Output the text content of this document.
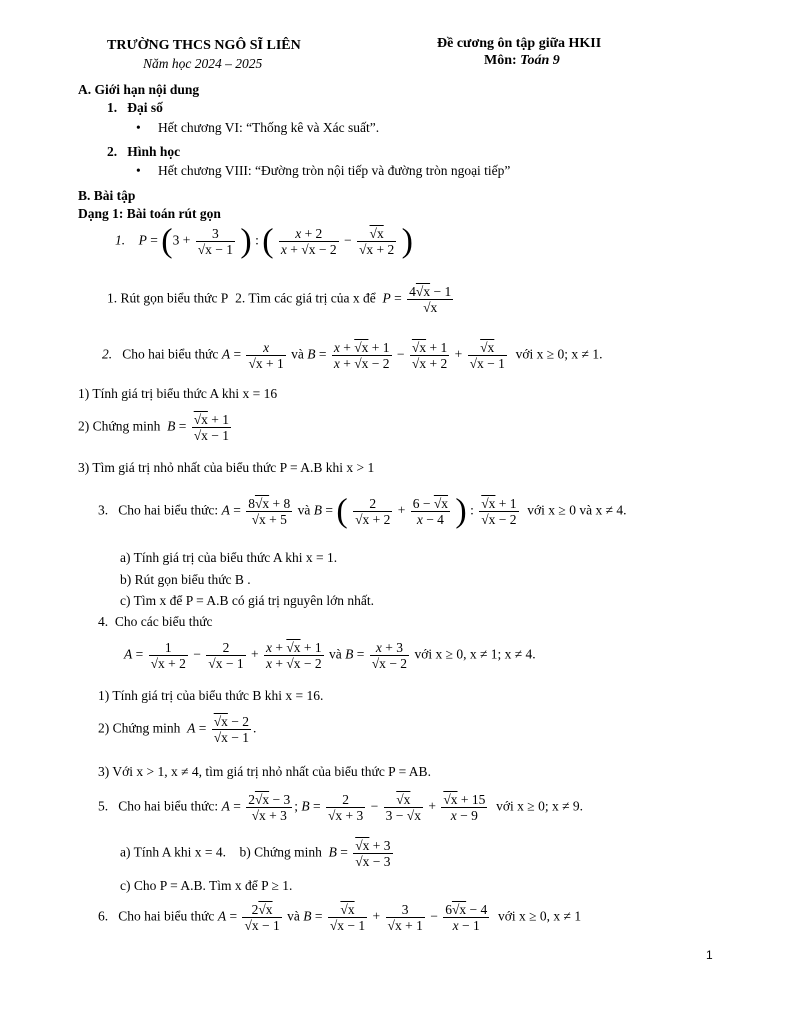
TRƯỜNG THCS NGÔ SĨ LIÊN
Năm học 2024 – 2025
Đề cương ôn tập giữa HKII
Môn: Toán 9
A. Giới hạn nội dung
1. Đại số
• Hết chương VI: “Thống kê và Xác suất”.
2. Hình học
• Hết chương VIII: “Đường tròn nội tiếp và đường tròn ngoại tiếp”
B. Bài tập
Dạng 1: Bài toán rút gọn
1. $P = (3 + \frac{3}{√x - 1}$ ) : ( $\frac{x + 2}{x + √x - 2} - \frac{√x}{√x + 2}$ )
1. Rút gọn biểu thức P 2. Tìm các giá trị của x để $P = \frac{4√x - 1}{√x}$
2. Cho hai biểu thức $A = \frac{x}{√x + 1}$ và $B = \frac{x + √x + 1}{x + √x - 2} - \frac{√x + 1}{√x + 2} + \frac{√x}{√x - 1}$ với x ≥ 0; x ≠ 1.
1) Tính giá trị biểu thức A khi x = 16
2) Chứng minh $B = \frac{√x + 1}{√x - 1}$
3) Tìm giá trị nhỏ nhất của biểu thức P = A.B khi x > 1
3. Cho hai biểu thức: $A = \frac{8√x + 8}{√x + 5}$ và B = ( $\frac{2}{√x + 2} + \frac{6 - √x}{x - 4}$ ) : $\frac{√x + 1}{√x - 2}$ với x ≥ 0 và x ≠ 4.
a) Tính giá trị của biểu thức A khi x = 1.
b) Rút gọn biểu thức B .
c) Tìm x để P = A.B có giá trị nguyên lớn nhất.
4. Cho các biểu thức
$A = \frac{1}{√x + 2} - \frac{2}{√x - 1} + \frac{x + √x + 1}{x + √x - 2}$ và $B = \frac{x + 3}{√x - 2}$ với x ≥ 0, x ≠ 1; x ≠ 4.
1) Tính giá trị của biểu thức B khi x = 16.
2) Chứng minh $A = \frac{√x - 2}{√x - 1}$ .
3) Với x > 1, x ≠ 4, tìm giá trị nhỏ nhất của biểu thức P = AB.
5. Cho hai biểu thức: $A = \frac{2√x - 3}{√x + 3}$ ; $B = \frac{2}{√x + 3} - \frac{√x}{3 - √x} + \frac{√x + 15}{x - 9}$ với x ≥ 0; x ≠ 9.
a) Tính A khi x = 4. b) Chứng minh $B = \frac{√x + 3}{√x - 3}$
c) Cho P = A.B. Tìm x để P ≥ 1.
6. Cho hai biểu thức $A = \frac{2√x}{√x - 1}$ và $B = \frac{√x}{√x - 1} + \frac{3}{√x + 1} - \frac{6√x - 4}{x - 1}$ với x ≥ 0, x ≠ 1
1
